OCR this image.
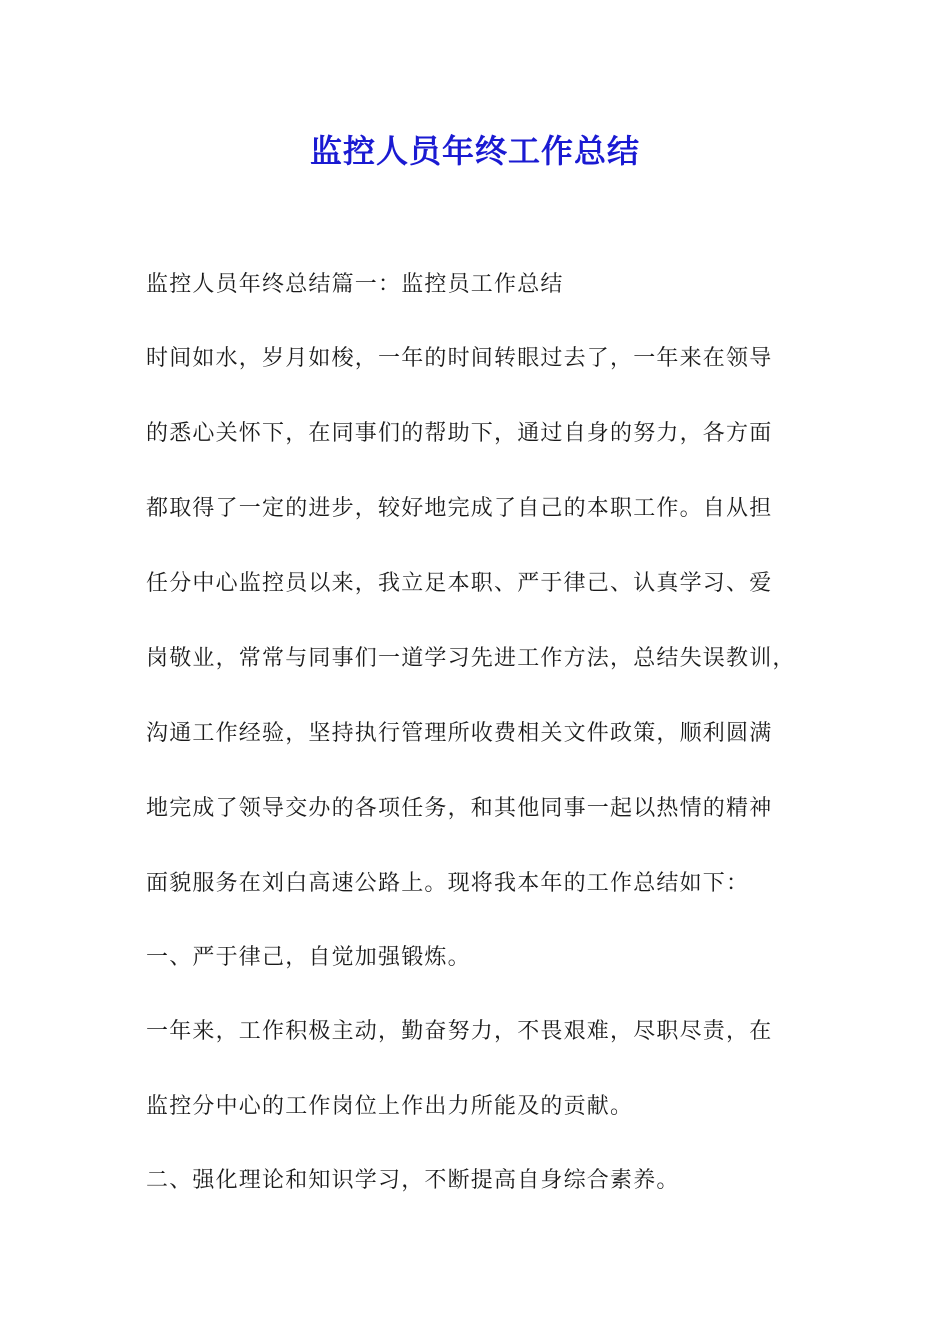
监控人员年终工作总结
监控人员年终总结篇一：监控员工作总结
时间如水，岁月如梭，一年的时间转眼过去了，一年来在领导
的悉心关怀下，在同事们的帮助下，通过自身的努力，各方面
都取得了一定的进步，较好地完成了自己的本职工作。自从担
任分中心监控员以来，我立足本职、严于律己、认真学习、爱
岗敬业，常常与同事们一道学习先进工作方法，总结失误教训，
沟通工作经验，坚持执行管理所收费相关文件政策，顺利圆满
地完成了领导交办的各项任务，和其他同事一起以热情的精神
面貌服务在刘白高速公路上。现将我本年的工作总结如下：
一、严于律己，自觉加强锻炼。
一年来，工作积极主动，勤奋努力，不畏艰难，尽职尽责，在
监控分中心的工作岗位上作出力所能及的贡献。
二、强化理论和知识学习，不断提高自身综合素养。
